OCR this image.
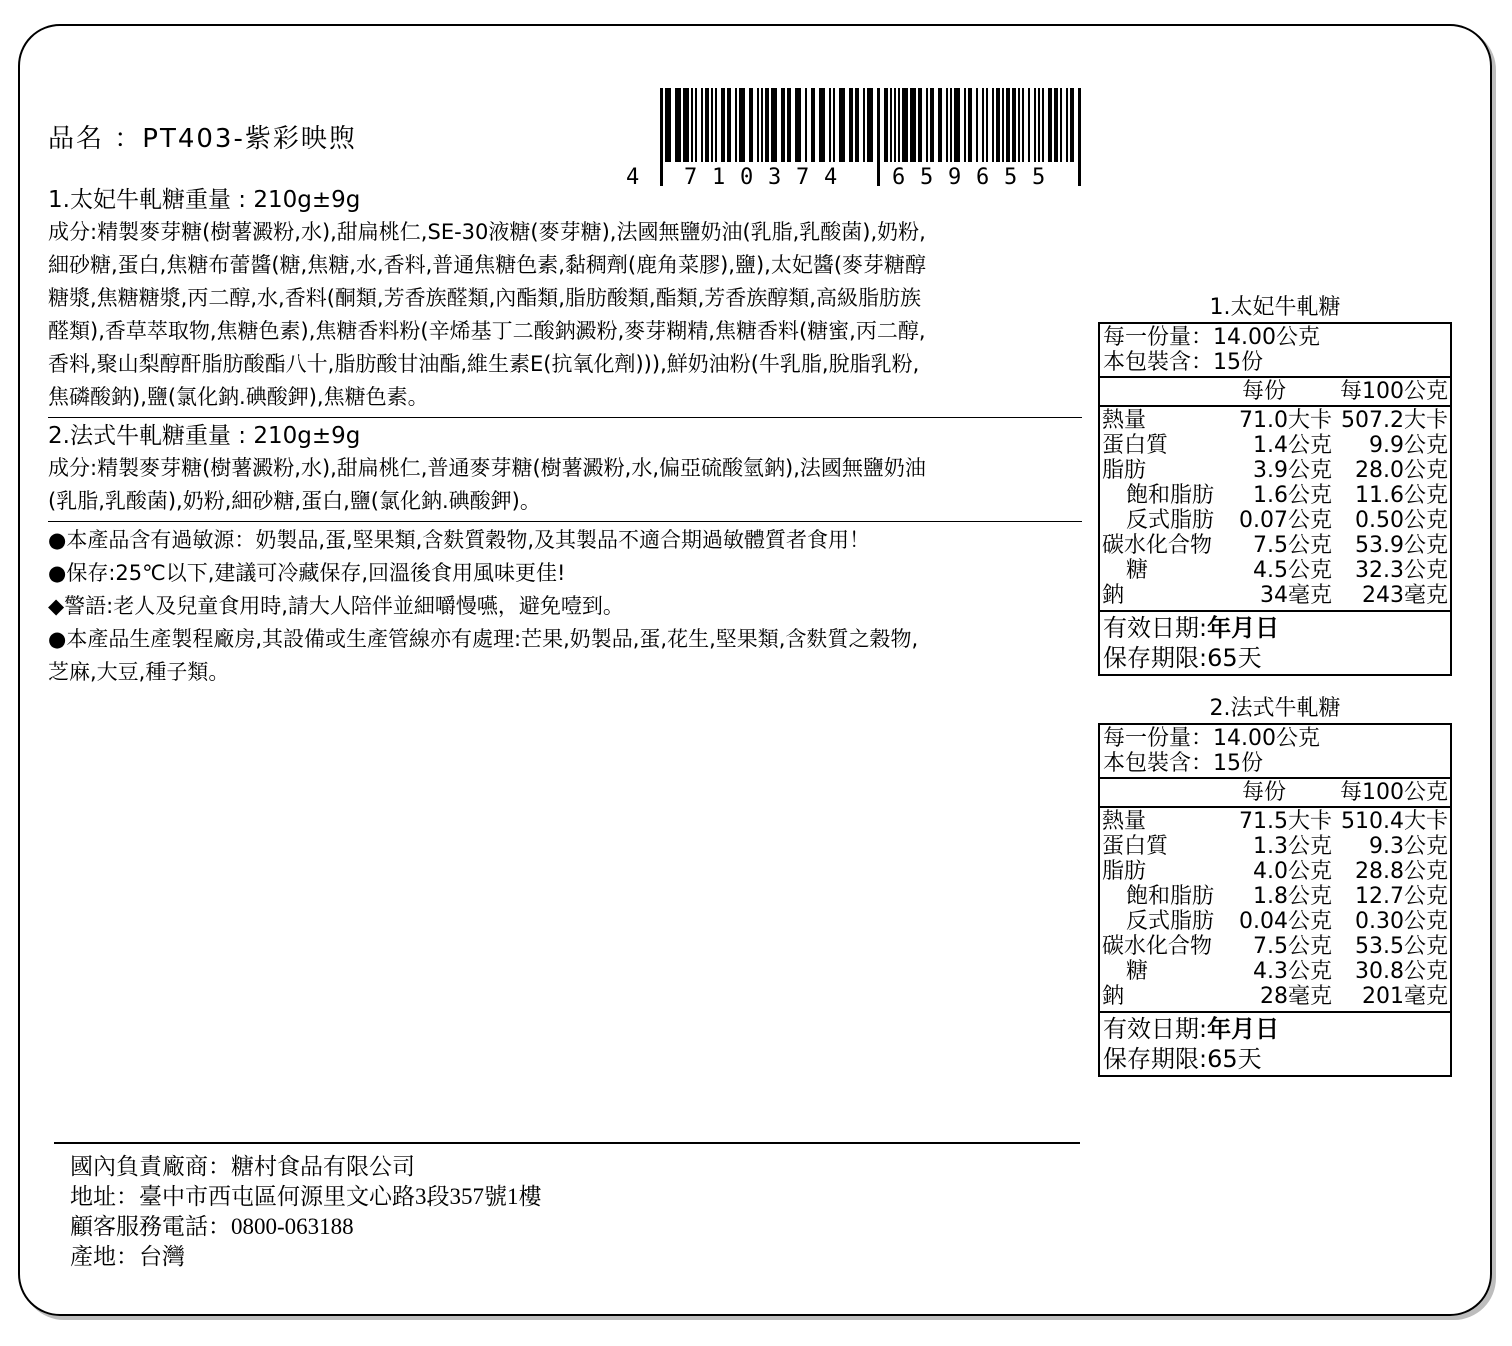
品名 ：PT403-紫彩映煦
4 7 1 0 3 7 4 6 5 9 6 5 5
1.太妃牛軋糖重量 : 210g±9g
成分:精製麥芽糖(樹薯澱粉,水),甜扁桃仁,SE-30液糖(麥芽糖),法國無鹽奶油(乳脂,乳酸菌),奶粉,
細砂糖,蛋白,焦糖布蕾醬(糖,焦糖,水,香料,普通焦糖色素,黏稠劑(鹿角菜膠),鹽),太妃醬(麥芽糖醇
糖漿,焦糖糖漿,丙二醇,水,香料(酮類,芳香族醛類,內酯類,脂肪酸類,酯類,芳香族醇類,高級脂肪族
醛類),香草萃取物,焦糖色素),焦糖香料粉(辛烯基丁二酸鈉澱粉,麥芽糊精,焦糖香料(糖蜜,丙二醇,
香料,聚山梨醇酐脂肪酸酯八十,脂肪酸甘油酯,維生素E(抗氧化劑))),鮮奶油粉(牛乳脂,脫脂乳粉,
焦磷酸鈉),鹽(氯化鈉.碘酸鉀),焦糖色素。
2.法式牛軋糖重量 : 210g±9g
成分:精製麥芽糖(樹薯澱粉,水),甜扁桃仁,普通麥芽糖(樹薯澱粉,水,偏亞硫酸氫鈉),法國無鹽奶油
(乳脂,乳酸菌),奶粉,細砂糖,蛋白,鹽(氯化鈉.碘酸鉀)。
●本產品含有過敏源：奶製品,蛋,堅果類,含麩質穀物,及其製品不適合期過敏體質者食用！
●保存:25℃以下,建議可冷藏保存,回溫後食用風味更佳!
◆警語:老人及兒童食用時,請大人陪伴並細嚼慢嚥，避免噎到。
●本產品生產製程廠房,其設備或生產管線亦有處理:芒果,奶製品,蛋,花生,堅果類,含麩質之穀物,
芝麻,大豆,種子類。
1.太妃牛軋糖
每一份量：14.00公克
本包裝含：15份
每份	每100公克
熱量	71.0大卡 507.2大卡
蛋白質	1.4公克	9.9公克
脂肪	3.9公克	28.0公克
飽和脂肪	1.6公克	11.6公克
反式脂肪	0.07公克	0.50公克
碳水化合物	7.5公克	53.9公克
糖	4.5公克	32.3公克
鈉	34毫克	243毫克
有效日期:年月日
保存期限:65天
2.法式牛軋糖
每一份量：14.00公克
本包裝含：15份
每份	每100公克
熱量	71.5大卡 510.4大卡
蛋白質	1.3公克	9.3公克
脂肪	4.0公克	28.8公克
飽和脂肪	1.8公克	12.7公克
反式脂肪	0.04公克	0.30公克
碳水化合物	7.5公克	53.5公克
糖	4.3公克	30.8公克
鈉	28毫克	201毫克
有效日期:年月日
保存期限:65天
國內負責廠商：糖村食品有限公司
地址：臺中市西屯區何源里文心路3段357號1樓
顧客服務電話：0800-063188
產地：台灣
